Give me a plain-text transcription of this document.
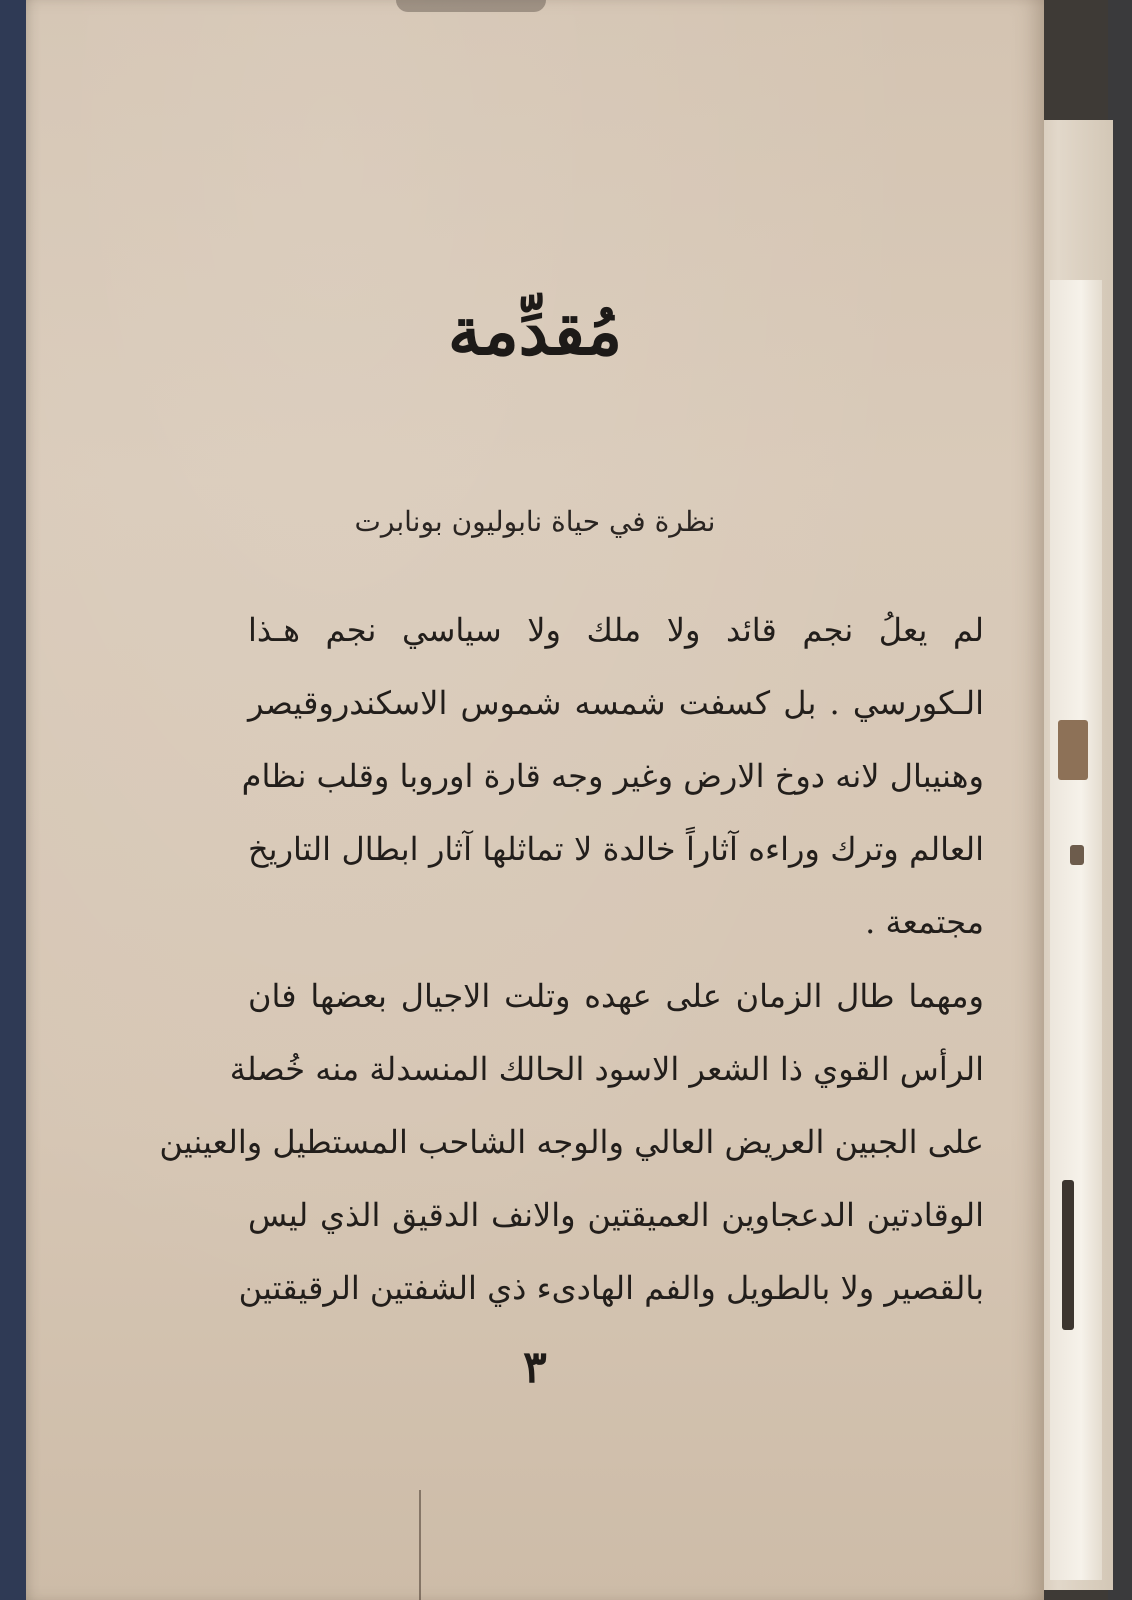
مُقدِّمة
نظرة في حياة نابوليون بونابرت
لم يعلُ نجم قائد ولا ملك ولا سياسي نجم هـذا
الـكورسي . بل كسفت شمسه شموس الاسكندروقيصر
وهنيبال لانه دوخ الارض وغير وجه قارة اوروبا وقلب نظام
العالم وترك وراءه آثاراً خالدة لا تماثلها آثار ابطال التاريخ
مجتمعة .
ومهما طال الزمان على عهده وتلت الاجيال بعضها فان
الرأس القوي ذا الشعر الاسود الحالك المنسدلة منه خُصلة
على الجبين العريض العالي والوجه الشاحب المستطيل والعينين
الوقادتين الدعجاوين العميقتين والانف الدقيق الذي ليس
بالقصير ولا بالطويل والفم الهادىء ذي الشفتين الرقيقتين
٣
